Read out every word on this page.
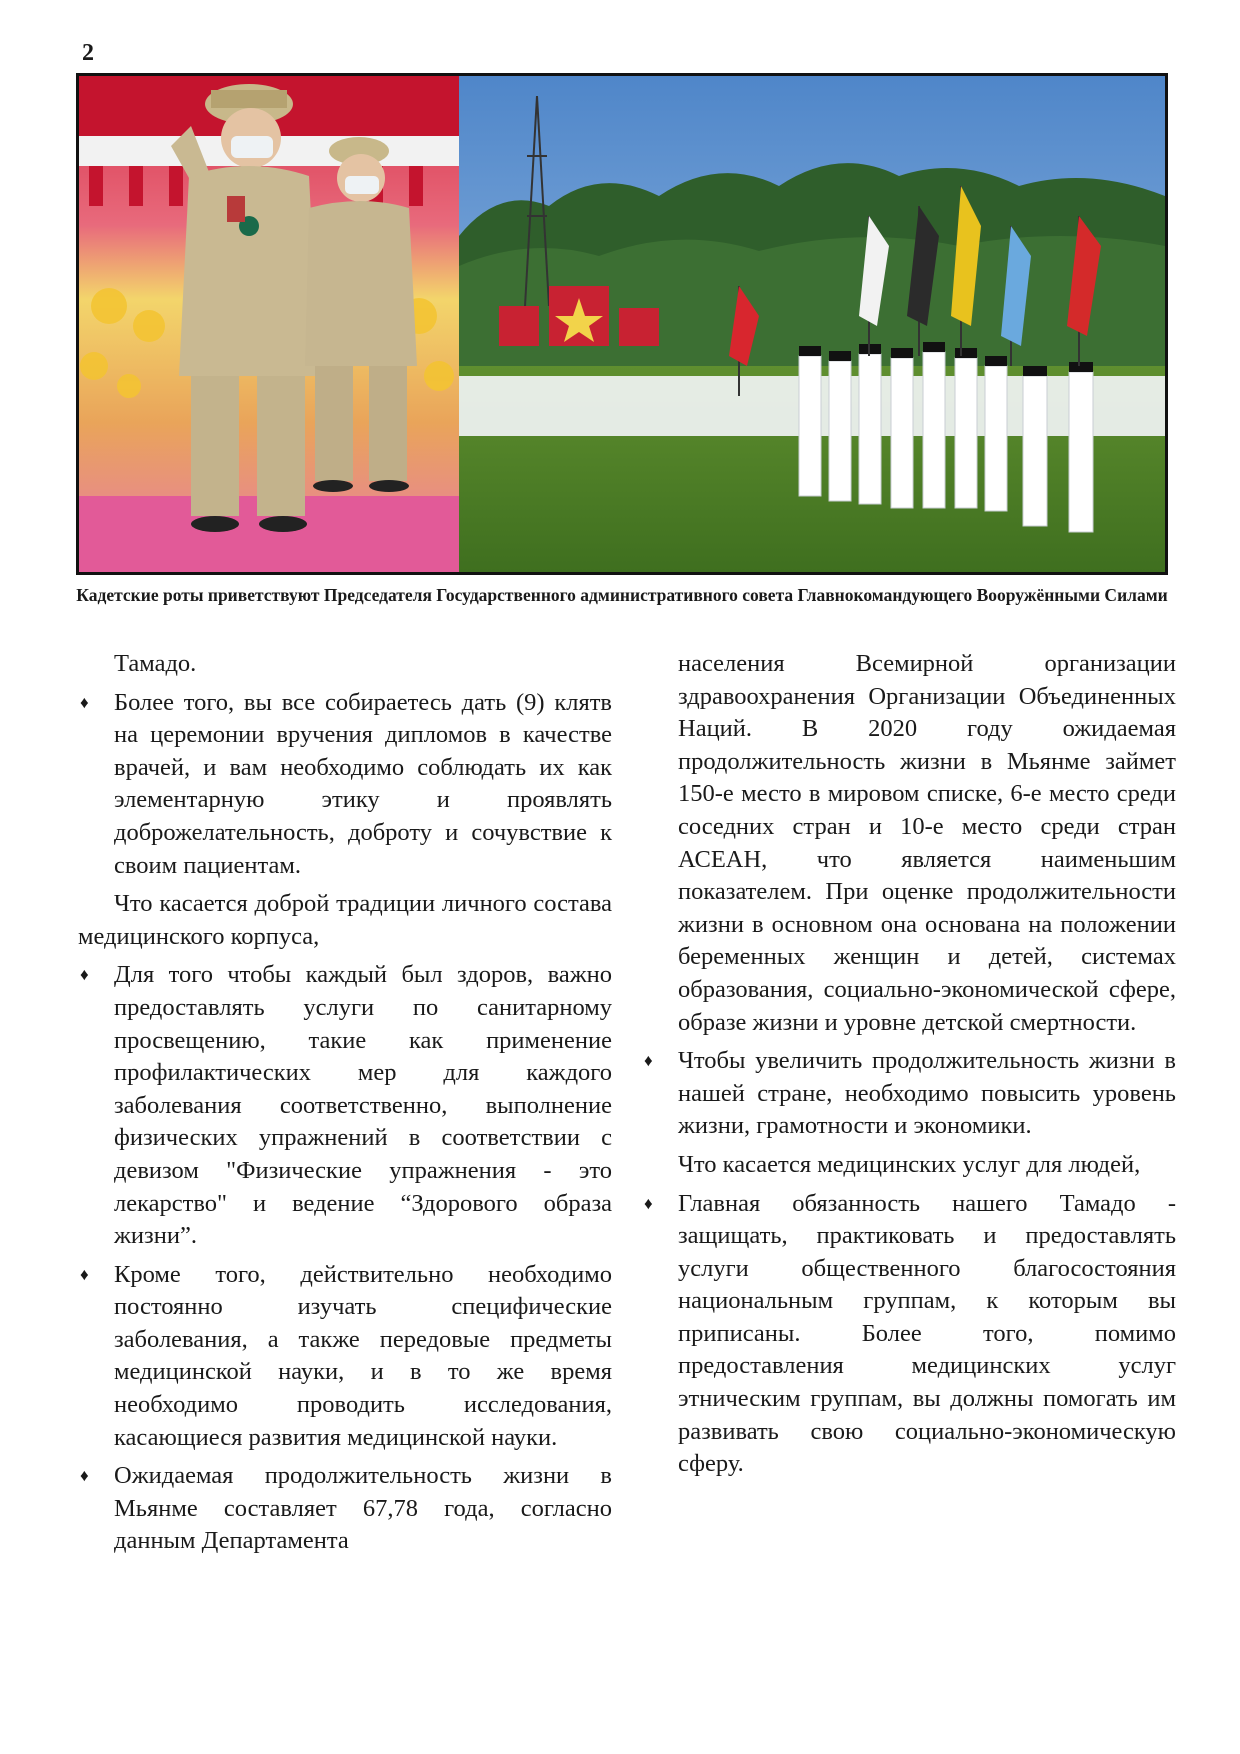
2
Кадетские роты приветствуют Председателя Государственного административного совета Главнокомандующего Вооружёнными Силами

Тамадо.

♦ Более того, вы все собираетесь дать (9) клятв на церемонии вручения дипломов в качестве врачей, и вам необходимо соблюдать их как элементарную этику и проявлять доброжелательность, доброту и сочувствие к своим пациентам.

Что касается доброй традиции личного состава медицинского корпуса,

♦ Для того чтобы каждый был здоров, важно предоставлять услуги по санитарному просвещению, такие как применение профилактических мер для каждого заболевания соответственно, выполнение физических упражнений в соответствии с девизом "Физические упражнения - это лекарство" и ведение “Здорового образа жизни”.

♦ Кроме того, действительно необходимо постоянно изучать специфические заболевания, а также передовые предметы медицинской науки, и в то же время необходимо проводить исследования, касающиеся развития медицинской науки.

♦ Ожидаемая продолжительность жизни в Мьянме составляет 67,78 года, согласно данным Департамента

населения Всемирной организации здравоохранения Организации Объединенных Наций. В 2020 году ожидаемая продолжительность жизни в Мьянме займет 150-е место в мировом списке, 6-е место среди соседних стран и 10-е место среди стран АСЕАН, что является наименьшим показателем. При оценке продолжительности жизни в основном она основана на положении беременных женщин и детей, системах образования, социально-экономической сфере, образе жизни и уровне детской смертности.

♦ Чтобы увеличить продолжительность жизни в нашей стране, необходимо повысить уровень жизни, грамотности и экономики.

Что касается медицинских услуг для людей,

♦ Главная обязанность нашего Тамадо - защищать, практиковать и предоставлять услуги общественного благосостояния национальным группам, к которым вы приписаны. Более того, помимо предоставления медицинских услуг этническим группам, вы должны помогать им развивать свою социально-экономическую сферу.
